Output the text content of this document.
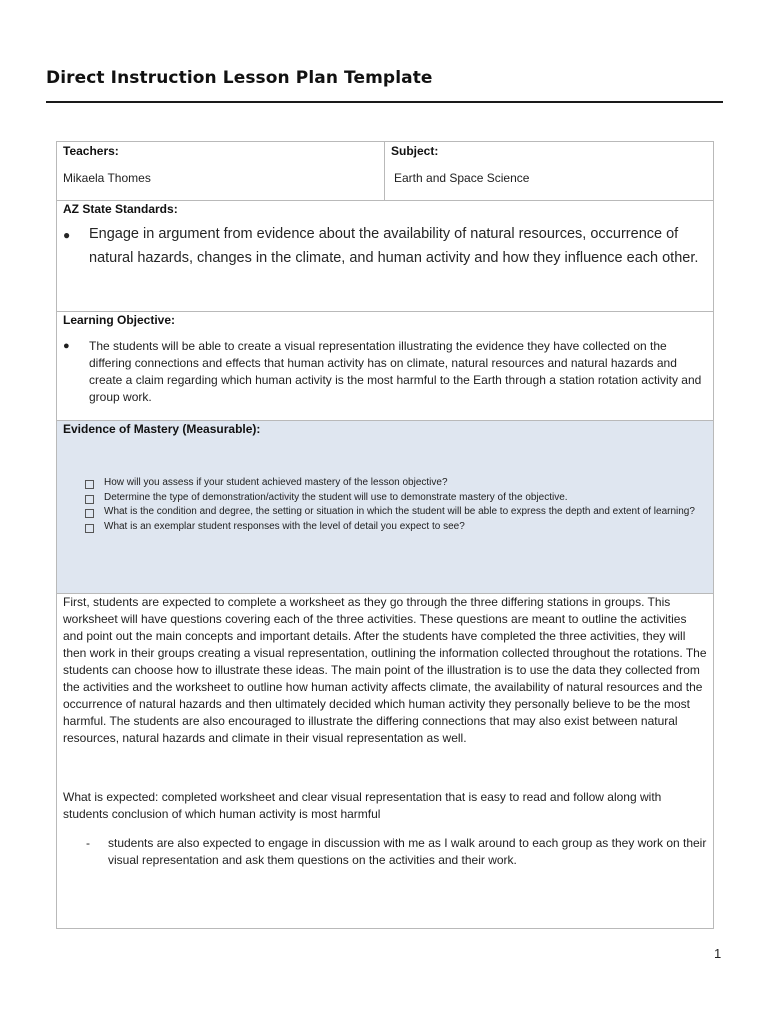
Direct Instruction Lesson Plan Template
Teachers:
Mikaela Thomes

Subject:
Earth and Space Science

AZ State Standards:
●	Engage in argument from evidence about the availability of natural resources, occurrence of natural hazards, changes in the climate, and human activity and how they influence each other.

Learning Objective:
●	The students will be able to create a visual representation illustrating the evidence they have collected on the differing connections and effects that human activity has on climate, natural resources and natural hazards and create a claim regarding which human activity is the most harmful to the Earth through a station rotation activity and group work.

Evidence of Mastery (Measurable):
How will you assess if your student achieved mastery of the lesson objective?
Determine the type of demonstration/activity the student will use to demonstrate mastery of the objective.
What is the condition and degree, the setting or situation in which the student will be able to express the depth and extent of learning?
What is an exemplar student responses with the level of detail you expect to see?

First, students are expected to complete a worksheet as they go through the three differing stations in groups. This worksheet will have questions covering each of the three activities. These questions are meant to outline the activities and point out the main concepts and important details. After the students have completed the three activities, they will then work in their groups creating a visual representation, outlining the information collected throughout the rotations. The students can choose how to illustrate these ideas. The main point of the illustration is to use the data they collected from the activities and the worksheet to outline how human activity affects climate, the availability of natural resources and the occurrence of natural hazards and then ultimately decided which human activity they personally believe to be the most harmful. The students are also encouraged to illustrate the differing connections that may also exist between natural resources, natural hazards and climate in their visual representation as well.

What is expected: completed worksheet and clear visual representation that is easy to read and follow along with students conclusion of which human activity is most harmful

-	students are also expected to engage in discussion with me as I walk around to each group as they work on their visual representation and ask them questions on the activities and their work.
1
